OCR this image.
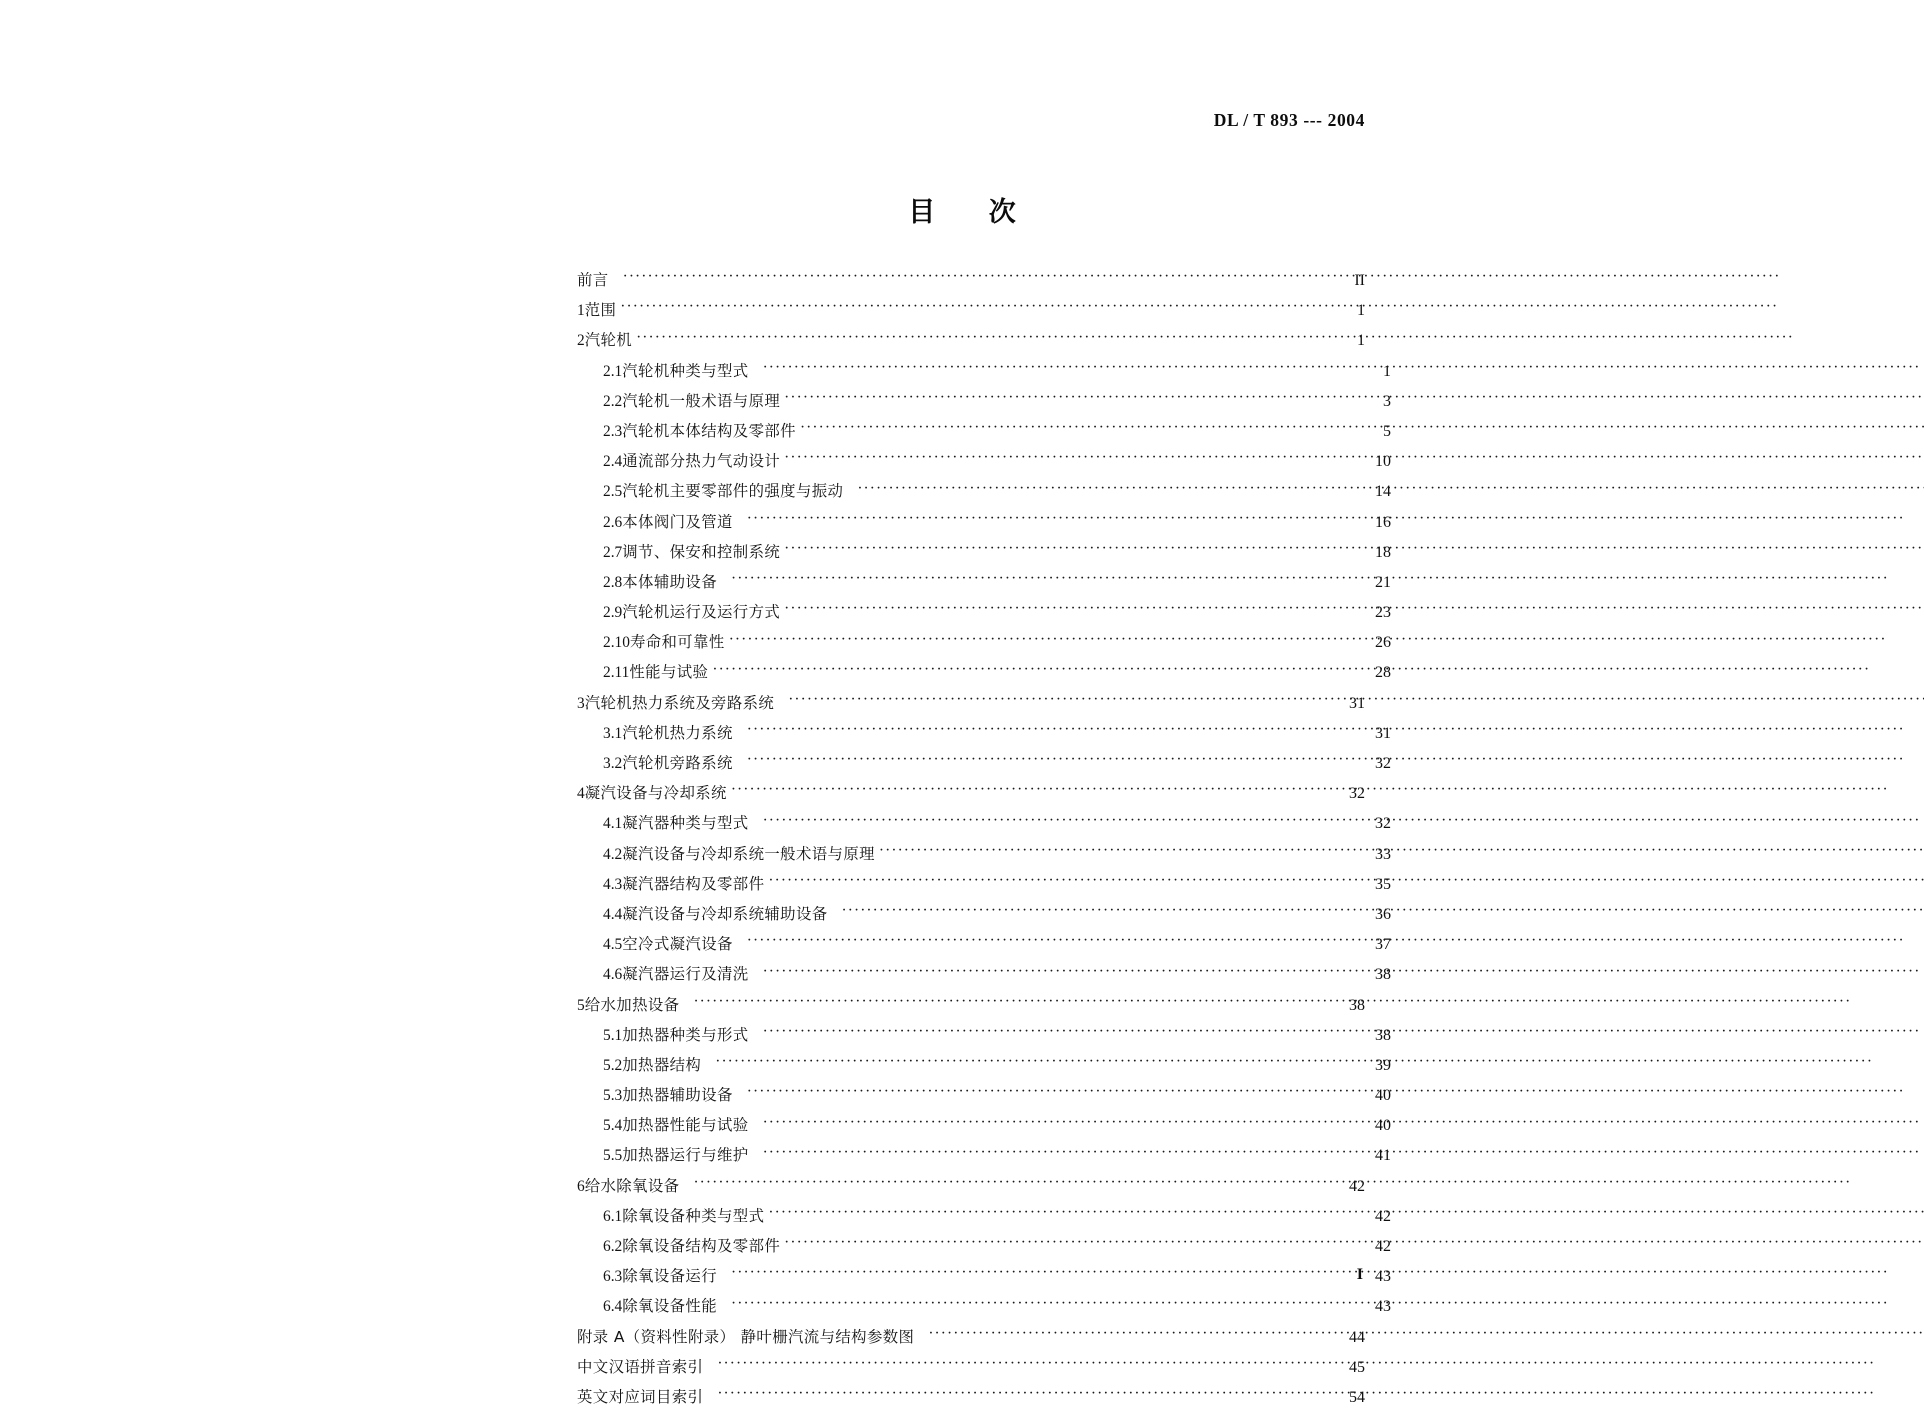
DL / T 893 --- 2004
目 次
前言 ·····	II
1 范围 ·····	1
2 汽轮机 ·····	1
2.1 汽轮机种类与型式 ·····	1
2.2 汽轮机一般术语与原理 ·····	3
2.3 汽轮机本体结构及零部件 ·····	5
2.4 通流部分热力气动设计 ·····	10
2.5 汽轮机主要零部件的强度与振动 ·····	14
2.6 本体阀门及管道 ·····	16
2.7 调节、保安和控制系统 ·····	18
2.8 本体辅助设备 ·····	21
2.9 汽轮机运行及运行方式 ·····	23
2.10 寿命和可靠性 ·····	26
2.11 性能与试验 ·····	28
3 汽轮机热力系统及旁路系统 ·····	31
3.1 汽轮机热力系统 ·····	31
3.2 汽轮机旁路系统 ·····	32
4 凝汽设备与冷却系统 ·····	32
4.1 凝汽器种类与型式 ·····	32
4.2 凝汽设备与冷却系统一般术语与原理 ·····	33
4.3 凝汽器结构及零部件 ·····	35
4.4 凝汽设备与冷却系统辅助设备 ·····	36
4.5 空冷式凝汽设备 ·····	37
4.6 凝汽器运行及清洗 ·····	38
5 给水加热设备 ·····	38
5.1 加热器种类与形式 ·····	38
5.2 加热器结构 ·····	39
5.3 加热器辅助设备 ·····	40
5.4 加热器性能与试验 ·····	40
5.5 加热器运行与维护 ·····	41
6 给水除氧设备 ·····	42
6.1 除氧设备种类与型式 ·····	42
6.2 除氧设备结构及零部件 ·····	42
6.3 除氧设备运行 ·····	43
6.4 除氧设备性能 ·····	43
附录 A（资料性附录） 静叶栅汽流与结构参数图 ·····	44
中文汉语拼音索引 ·····	45
英文对应词目索引 ·····	54
I
